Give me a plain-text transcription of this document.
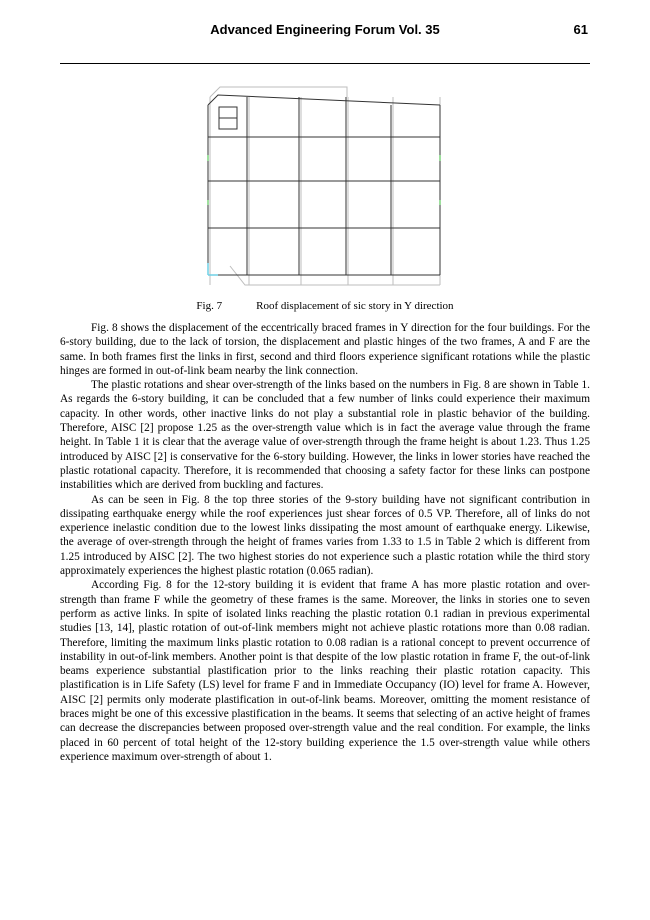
Advanced Engineering Forum Vol. 35	61
Fig. 7	Roof displacement of sic story in Y direction

Fig. 8 shows the displacement of the eccentrically braced frames in Y direction for the four buildings. For the 6-story building, due to the lack of torsion, the displacement and plastic hinges of the two frames, A and F are the same. In both frames first the links in first, second and third floors experience significant rotations while the plastic hinges are formed in out-of-link beam nearby the link connection.

The plastic rotations and shear over-strength of the links based on the numbers in Fig. 8 are shown in Table 1. As regards the 6-story building, it can be concluded that a few number of links could experience their maximum capacity. In other words, other inactive links do not play a substantial role in plastic behavior of the building. Therefore, AISC [2] propose 1.25 as the over-strength value which is in fact the average value through the frame height. In Table 1 it is clear that the average value of over-strength through the frame height is about 1.23. Thus 1.25 introduced by AISC [2] is conservative for the 6-story building. However, the links in lower stories have reached the plastic rotational capacity. Therefore, it is recommended that choosing a safety factor for these links can postpone instabilities which are derived from buckling and factures.

As can be seen in Fig. 8 the top three stories of the 9-story building have not significant contribution in dissipating earthquake energy while the roof experiences just shear forces of 0.5 VP. Therefore, all of links do not experience inelastic condition due to the lowest links dissipating the most amount of earthquake energy. Likewise, the average of over-strength through the height of frames varies from 1.33 to 1.5 in Table 2 which is different from 1.25 introduced by AISC [2]. The two highest stories do not experience such a plastic rotation while the third story approximately experiences the highest plastic rotation (0.065 radian).

According Fig. 8 for the 12-story building it is evident that frame A has more plastic rotation and over-strength than frame F while the geometry of these frames is the same. Moreover, the links in stories one to seven perform as active links. In spite of isolated links reaching the plastic rotation 0.1 radian in previous experimental studies [13, 14], plastic rotation of out-of-link members might not achieve plastic rotations more than 0.08 radian. Therefore, limiting the maximum links plastic rotation to 0.08 radian is a rational concept to prevent occurrence of instability in out-of-link members. Another point is that despite of the low plastic rotation in frame F, the out-of-link beams experience substantial plastification prior to the links reaching their plastic rotation capacity. This plastification is in Life Safety (LS) level for frame F and in Immediate Occupancy (IO) level for frame A. However, AISC [2] permits only moderate plastification in out-of-link beams. Moreover, omitting the moment resistance of braces might be one of this excessive plastification in the beams. It seems that selecting of an active height of frames can decrease the discrepancies between proposed over-strength value and the real condition. For example, the links placed in 60 percent of total height of the 12-story building experience the 1.5 over-strength value while others experience maximum over-strength of about 1.
